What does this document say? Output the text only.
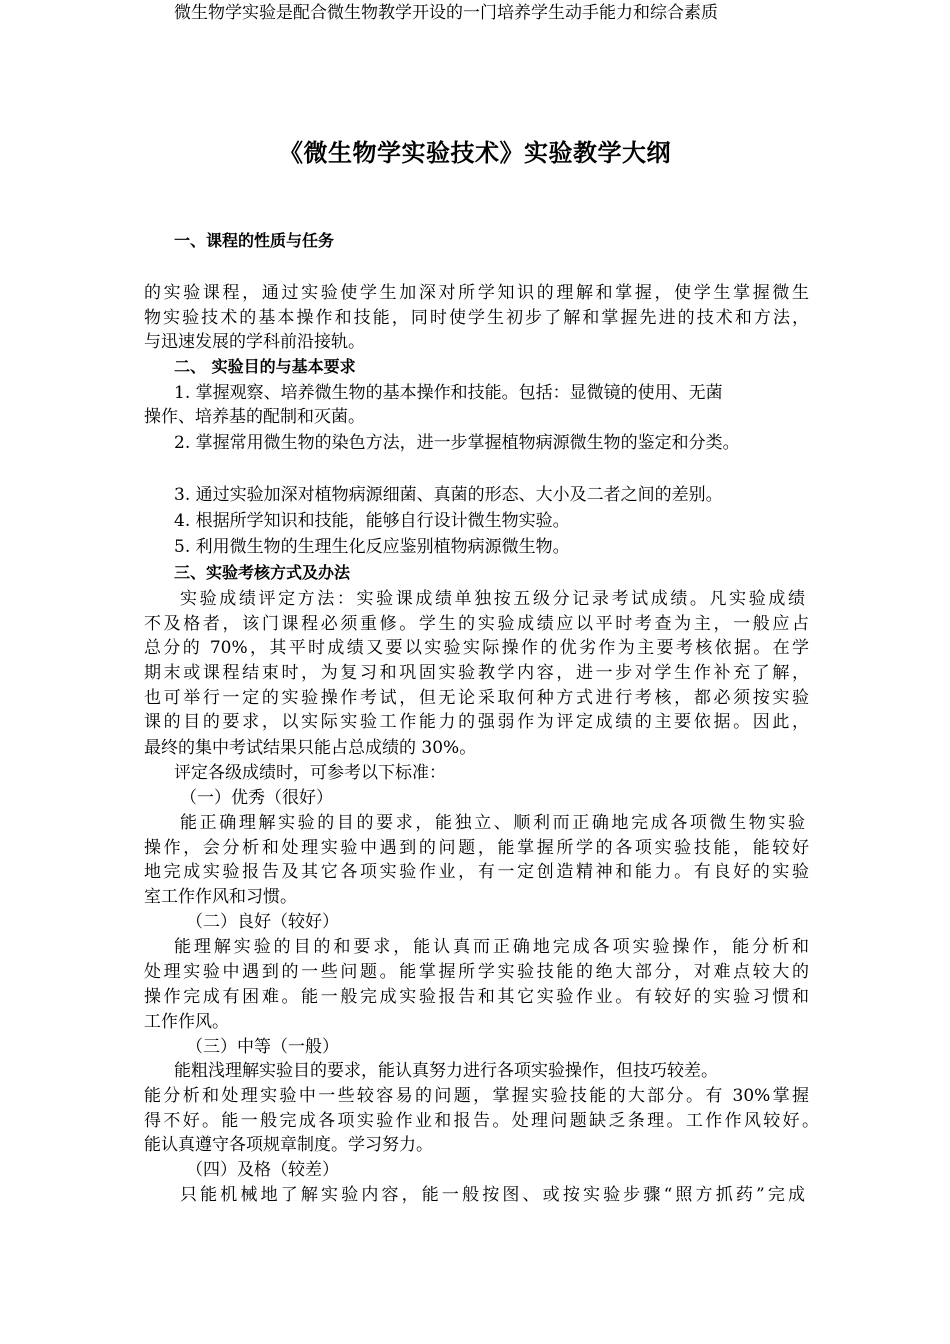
《微生物学实验技术》实验教学大纲
一、课程的性质与任务
微生物学实验是配合微生物教学开设的一门培养学生动手能力和综合素质
的实验课程，通过实验使学生加深对所学知识的理解和掌握，使学生掌握微生
物实验技术的基本操作和技能，同时使学生初步了解和掌握先进的技术和方法，
与迅速发展的学科前沿接轨。
二、 实验目的与基本要求
1. 掌握观察、培养微生物的基本操作和技能。包括：显微镜的使用、无菌
操作、培养基的配制和灭菌。
2. 掌握常用微生物的染色方法，进一步掌握植物病源微生物的鉴定和分类。
3. 通过实验加深对植物病源细菌、真菌的形态、大小及二者之间的差别。
4. 根据所学知识和技能，能够自行设计微生物实验。
5. 利用微生物的生理生化反应鉴别植物病源微生物。
三、实验考核方式及办法
实验成绩评定方法：实验课成绩单独按五级分记录考试成绩。凡实验成绩
不及格者，该门课程必须重修。学生的实验成绩应以平时考查为主，一般应占
总分的 70%，其平时成绩又要以实验实际操作的优劣作为主要考核依据。在学
期末或课程结束时，为复习和巩固实验教学内容，进一步对学生作补充了解，
也可举行一定的实验操作考试，但无论采取何种方式进行考核，都必须按实验
课的目的要求，以实际实验工作能力的强弱作为评定成绩的主要依据。因此，
最终的集中考试结果只能占总成绩的 30%。
评定各级成绩时，可参考以下标准：
（一）优秀（很好）
能正确理解实验的目的要求，能独立、顺利而正确地完成各项微生物实验
操作，会分析和处理实验中遇到的问题，能掌握所学的各项实验技能，能较好
地完成实验报告及其它各项实验作业，有一定创造精神和能力。有良好的实验
室工作作风和习惯。
（二）良好（较好）
能理解实验的目的和要求，能认真而正确地完成各项实验操作，能分析和
处理实验中遇到的一些问题。能掌握所学实验技能的绝大部分，对难点较大的
操作完成有困难。能一般完成实验报告和其它实验作业。有较好的实验习惯和
工作作风。
（三）中等（一般）
能粗浅理解实验目的要求，能认真努力进行各项实验操作，但技巧较差。
能分析和处理实验中一些较容易的问题，掌握实验技能的大部分。有 30%掌握
得不好。能一般完成各项实验作业和报告。处理问题缺乏条理。工作作风较好。
能认真遵守各项规章制度。学习努力。
（四）及格（较差）
只能机械地了解实验内容，能一般按图、或按实验步骤“照方抓药”完成
